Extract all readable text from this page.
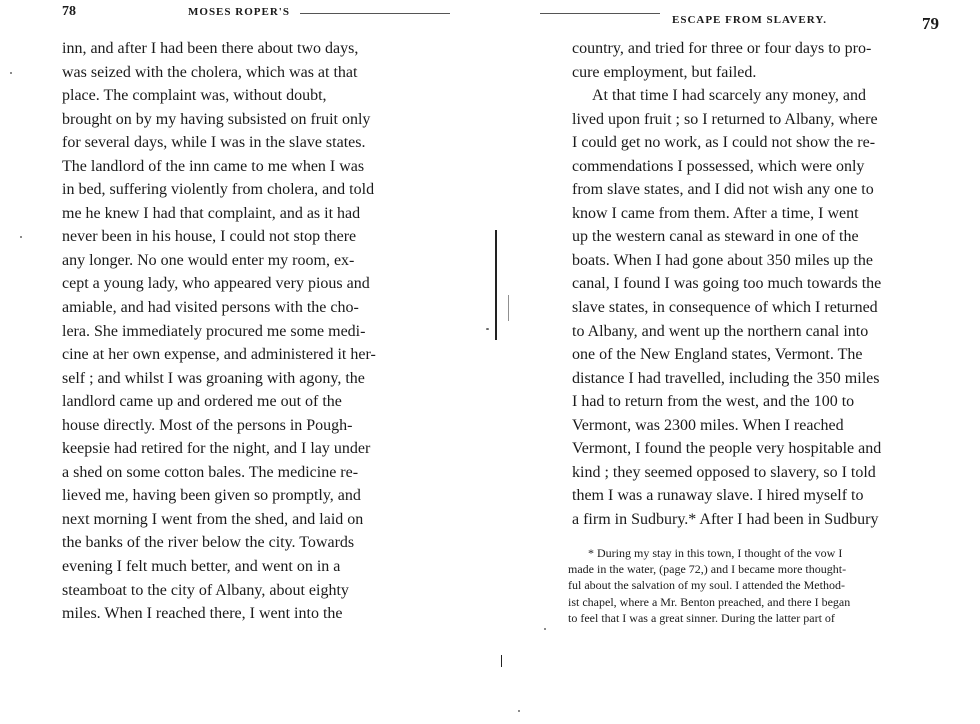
78	MOSES ROPER'S

inn, and after I had been there about two days,
was seized with the cholera, which was at that
place. The complaint was, without doubt,
brought on by my having subsisted on fruit only
for several days, while I was in the slave states.
The landlord of the inn came to me when I was
in bed, suffering violently from cholera, and told
me he knew I had that complaint, and as it had
never been in his house, I could not stop there
any longer. No one would enter my room, ex-
cept a young lady, who appeared very pious and
amiable, and had visited persons with the cho-
lera. She immediately procured me some medi-
cine at her own expense, and administered it her-
self ; and whilst I was groaning with agony, the
landlord came up and ordered me out of the
house directly. Most of the persons in Pough-
keepsie had retired for the night, and I lay under
a shed on some cotton bales. The medicine re-
lieved me, having been given so promptly, and
next morning I went from the shed, and laid on
the banks of the river below the city. Towards
evening I felt much better, and went on in a
steamboat to the city of Albany, about eighty
miles. When I reached there, I went into the

ESCAPE FROM SLAVERY.	79

country, and tried for three or four days to pro-
cure employment, but failed.
At that time I had scarcely any money, and
lived upon fruit ; so I returned to Albany, where
I could get no work, as I could not show the re-
commendations I possessed, which were only
from slave states, and I did not wish any one to
know I came from them. After a time, I went
up the western canal as steward in one of the
boats. When I had gone about 350 miles up the
canal, I found I was going too much towards the
slave states, in consequence of which I returned
to Albany, and went up the northern canal into
one of the New England states, Vermont. The
distance I had travelled, including the 350 miles
I had to return from the west, and the 100 to
Vermont, was 2300 miles. When I reached
Vermont, I found the people very hospitable and
kind ; they seemed opposed to slavery, so I told
them I was a runaway slave. I hired myself to
a firm in Sudbury.* After I had been in Sudbury

* During my stay in this town, I thought of the vow I
made in the water, (page 72,) and I became more thought-
ful about the salvation of my soul. I attended the Method-
ist chapel, where a Mr. Benton preached, and there I began
to feel that I was a great sinner. During the latter part of
